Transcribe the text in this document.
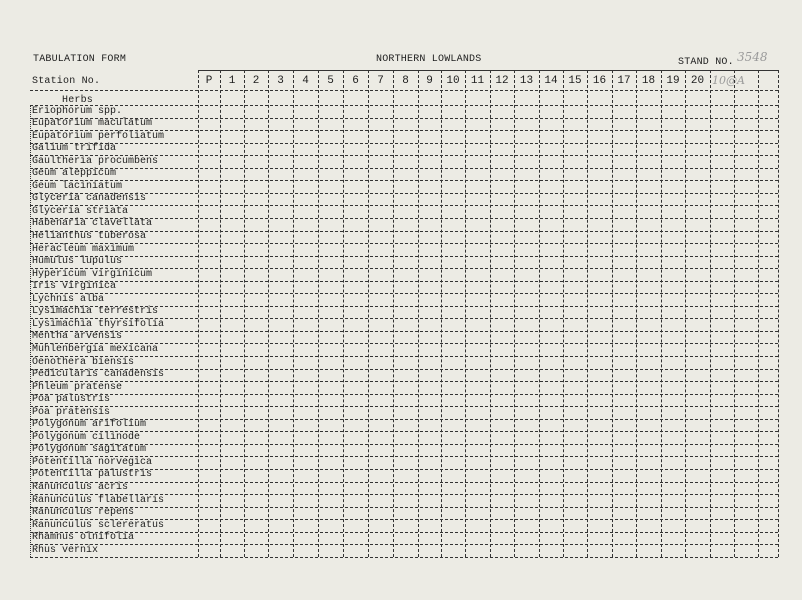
TABULATION FORM	NORTHERN LOWLANDS	STAND NO. 3548
10@A
Station No.
Herbs
P	1	2	3	4	5	6	7	8	9	10	11	12	13	14 15	16	17	18	19	20
Eriophorum spp.
Eupatorium maculatum
Eupatorium perfoliatum
Galium trifida
Gaultheria procumbens
Geum aleppicum
Geum laciniatum
Glyceria canadensis
Glyceria striata
Habenaria clavellata
Helianthus tuberosa
Heracleum maximum
Humulus lupulus
Hypericum virginicum
Iris virginica
Lychnis alba
Lysimachia terrestris
Lysimachia thyrsifolia
Mentha arvensis
Muhlenbergia mexicana
Oenothera biensis
Pedicularis canadensis
Phleum pratense
Poa palustris
Poa pratensis
Polygonum arifolium
Polygonum cilinode
Polygonum sagitatum
Potentilla norvegica
Potentilla palustris
Ranunculus acris
Ranunculus flabellaris
Ranunculus repens
Ranunculus sclereratus
Rhamnus olnifolia
Rhus vernix
